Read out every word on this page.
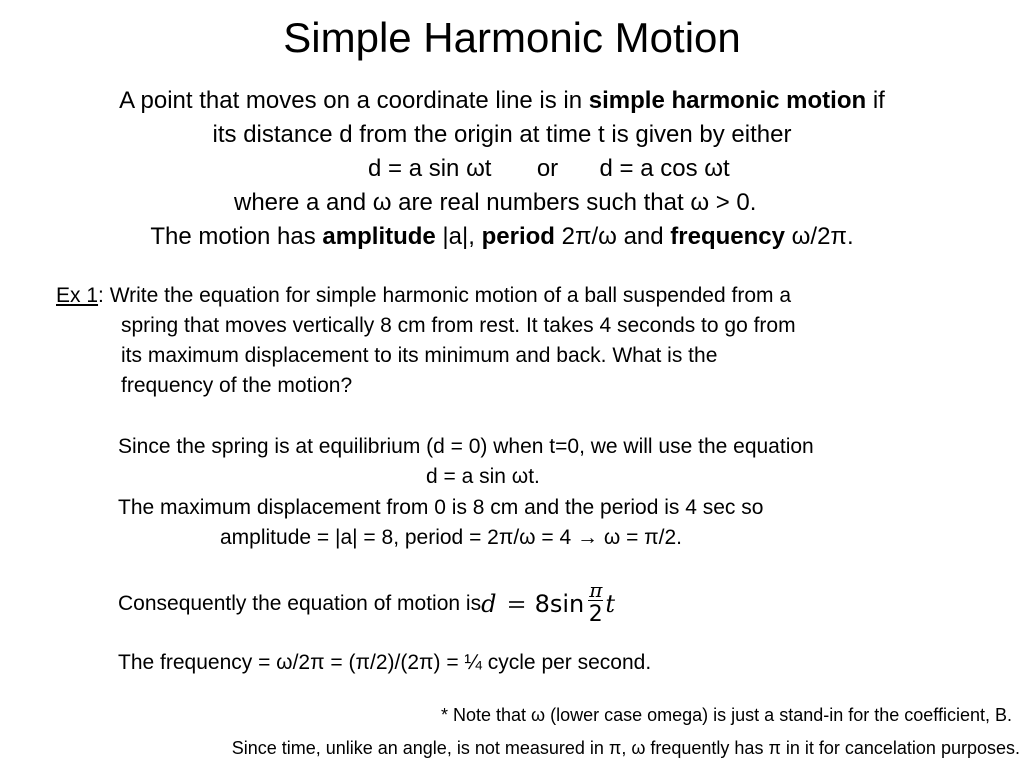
Simple Harmonic Motion
A point that moves on a coordinate line is in simple harmonic motion if
its distance d from the origin at time t is given by either
d = a sin ωt or d = a cos ωt
where a and ω are real numbers such that ω > 0.
The motion has amplitude |a|, period 2π/ω and frequency ω/2π.
Ex 1: Write the equation for simple harmonic motion of a ball suspended from a
spring that moves vertically 8 cm from rest. It takes 4 seconds to go from
its maximum displacement to its minimum and back. What is the
frequency of the motion?
Since the spring is at equilibrium (d = 0) when t=0, we will use the equation
d = a sin ωt.
The maximum displacement from 0 is 8 cm and the period is 4 sec so
amplitude = |a| = 8, period = 2π/ω = 4 → ω = π/2.
Consequently the equation of motion is $d = 8\sin \frac{\pi}{2}$ t
The frequency = ω/2π = (π/2)/(2π) = ¼ cycle per second.
* Note that ω (lower case omega) is just a stand-in for the coefficient, B.
Since time, unlike an angle, is not measured in π, ω frequently has π in it for cancelation purposes.
